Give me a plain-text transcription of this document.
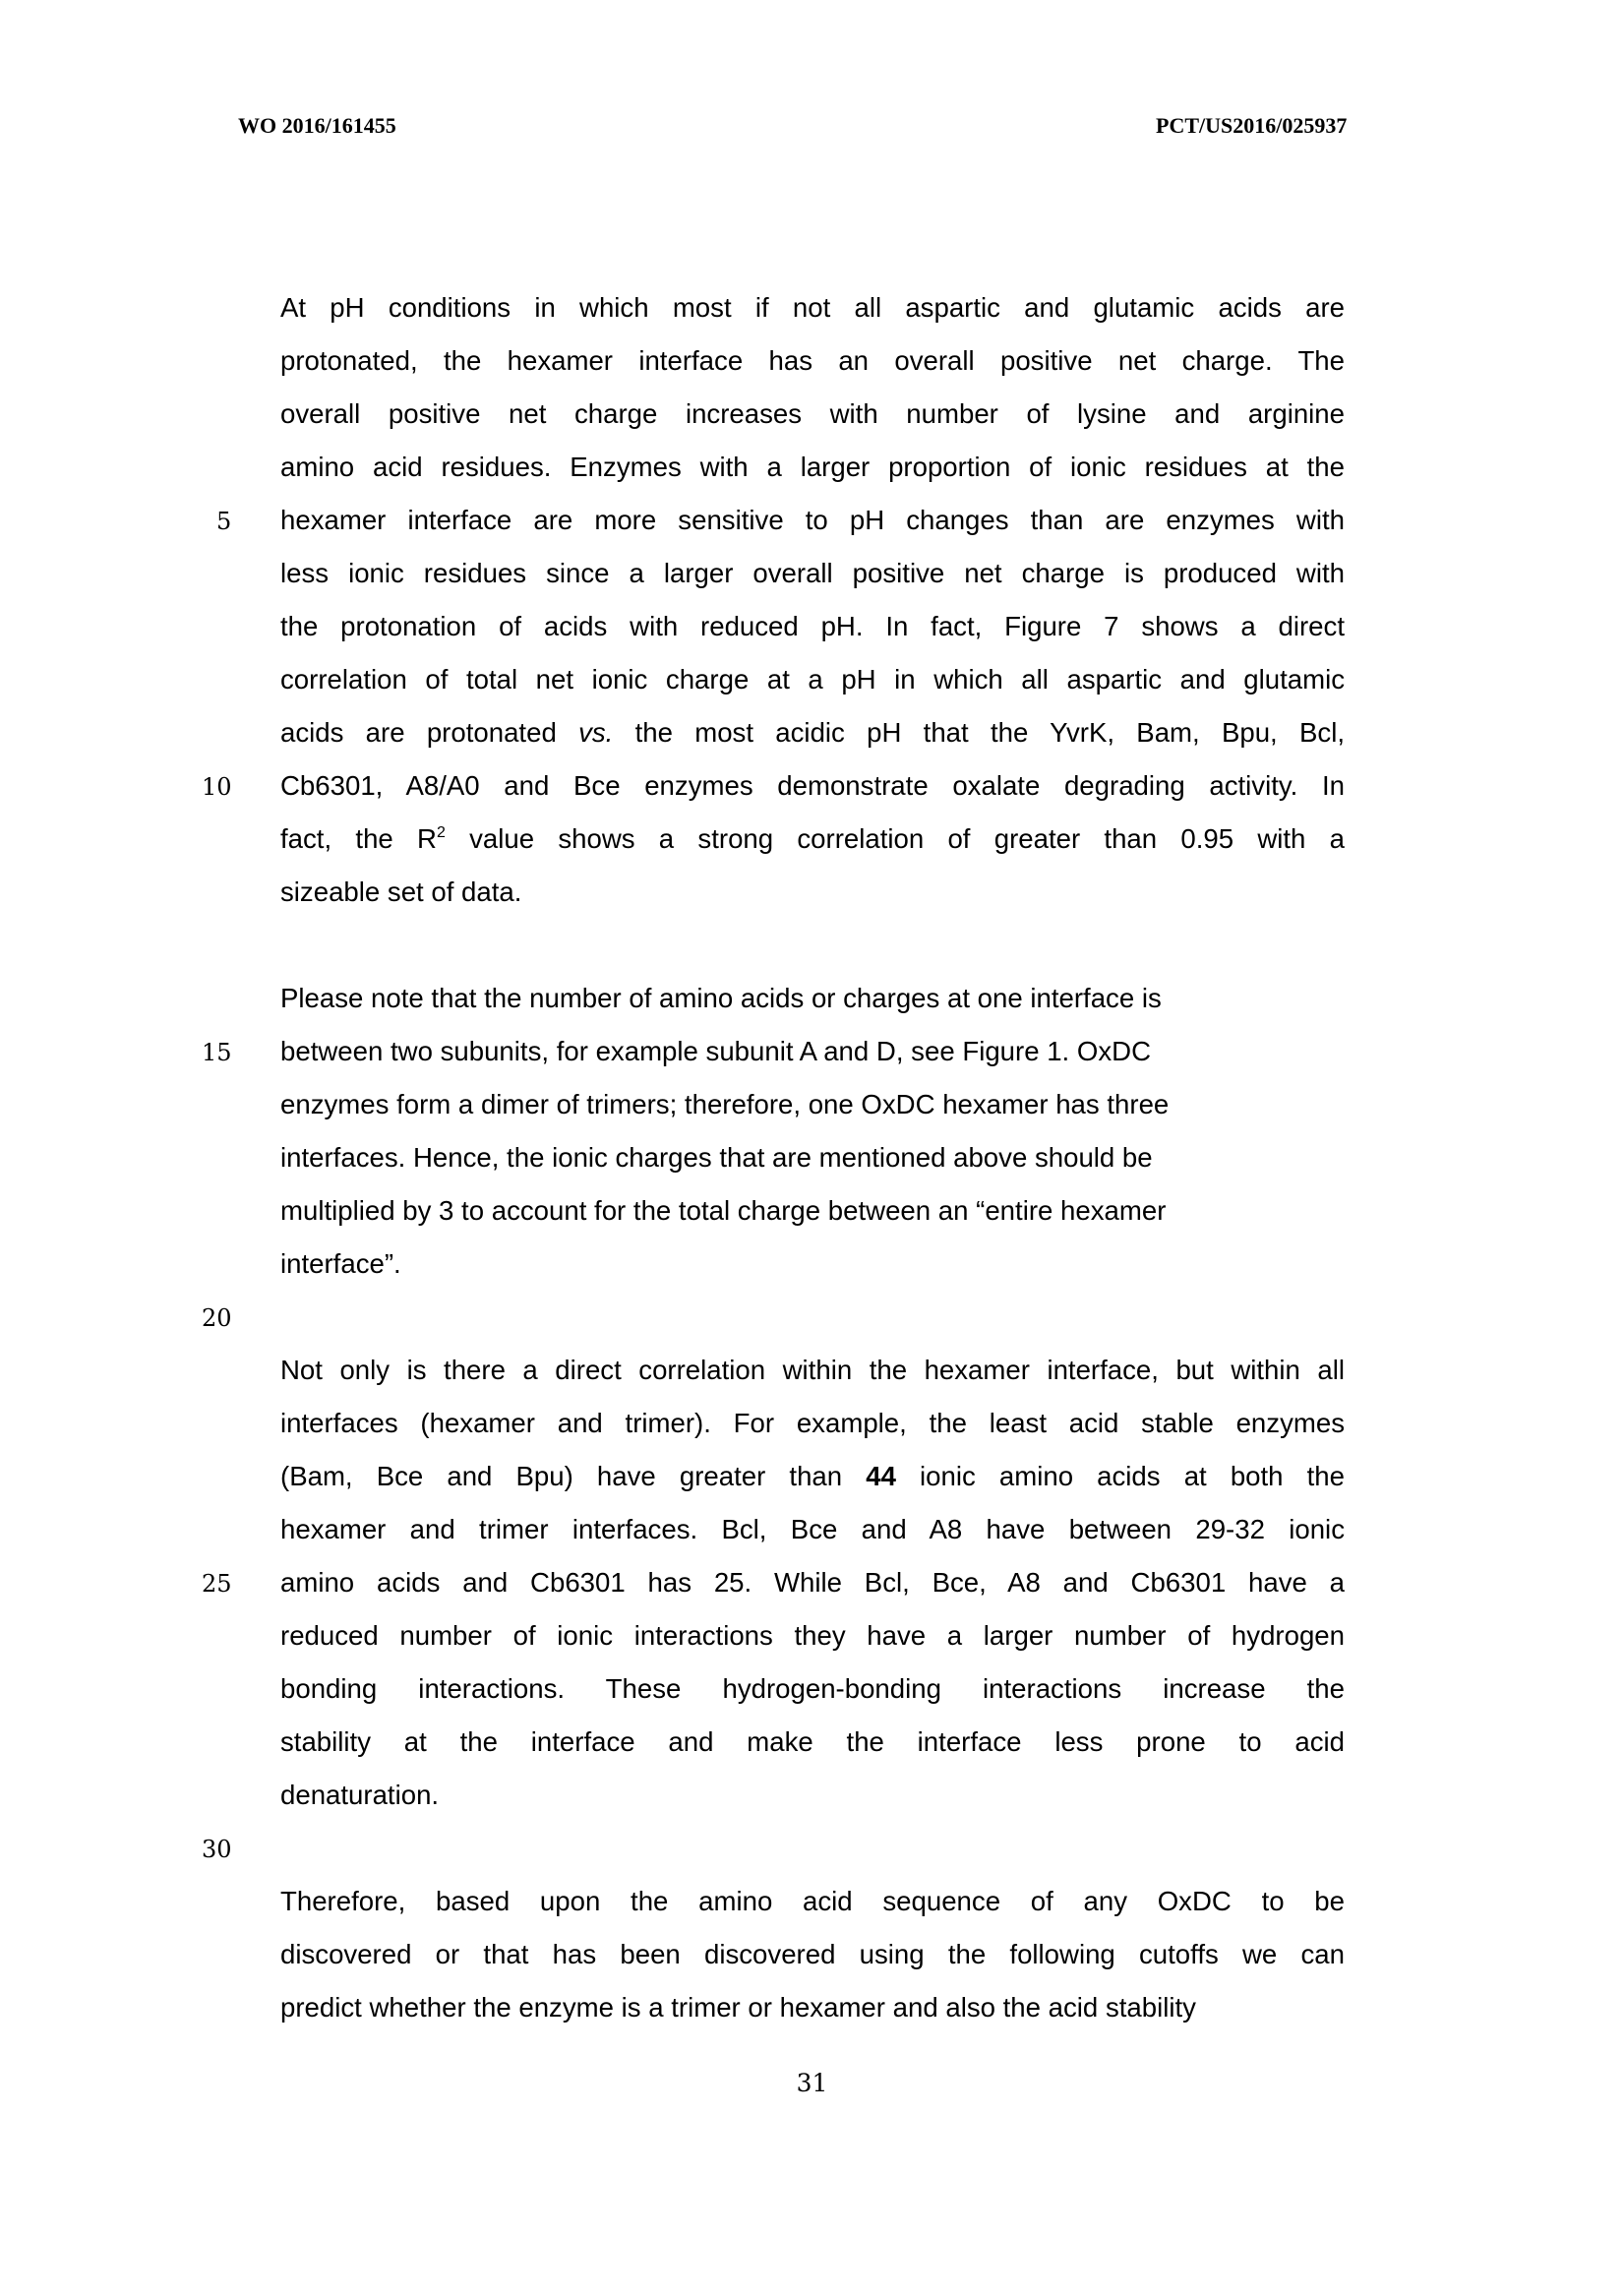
WO 2016/161455	PCT/US2016/025937
5
10
15
20
25
30
At pH conditions in which most if not all aspartic and glutamic acids are
protonated, the hexamer interface has an overall positive net charge. The
overall positive net charge increases with number of lysine and arginine
amino acid residues. Enzymes with a larger proportion of ionic residues at the
hexamer interface are more sensitive to pH changes than are enzymes with
less ionic residues since a larger overall positive net charge is produced with
the protonation of acids with reduced pH. In fact, Figure 7 shows a direct
correlation of total net ionic charge at a pH in which all aspartic and glutamic
acids are protonated vs. the most acidic pH that the YvrK, Bam, Bpu, Bcl,
Cb6301, A8/A0 and Bce enzymes demonstrate oxalate degrading activity. In
fact, the $R^2$ value shows a strong correlation of greater than 0.95 with a
sizeable set of data.
Please note that the number of amino acids or charges at one interface is
between two subunits, for example subunit A and D, see Figure 1. OxDC
enzymes form a dimer of trimers; therefore, one OxDC hexamer has three
interfaces. Hence, the ionic charges that are mentioned above should be
multiplied by 3 to account for the total charge between an “entire hexamer
interface”.
Not only is there a direct correlation within the hexamer interface, but within all
interfaces (hexamer and trimer). For example, the least acid stable enzymes
(Bam, Bce and Bpu) have greater than 44 ionic amino acids at both the
hexamer and trimer interfaces. Bcl, Bce and A8 have between 29-32 ionic
amino acids and Cb6301 has 25. While Bcl, Bce, A8 and Cb6301 have a
reduced number of ionic interactions they have a larger number of hydrogen
bonding interactions. These hydrogen-bonding interactions increase the
stability at the interface and make the interface less prone to acid
denaturation.
Therefore, based upon the amino acid sequence of any OxDC to be
discovered or that has been discovered using the following cutoffs we can
predict whether the enzyme is a trimer or hexamer and also the acid stability
31
